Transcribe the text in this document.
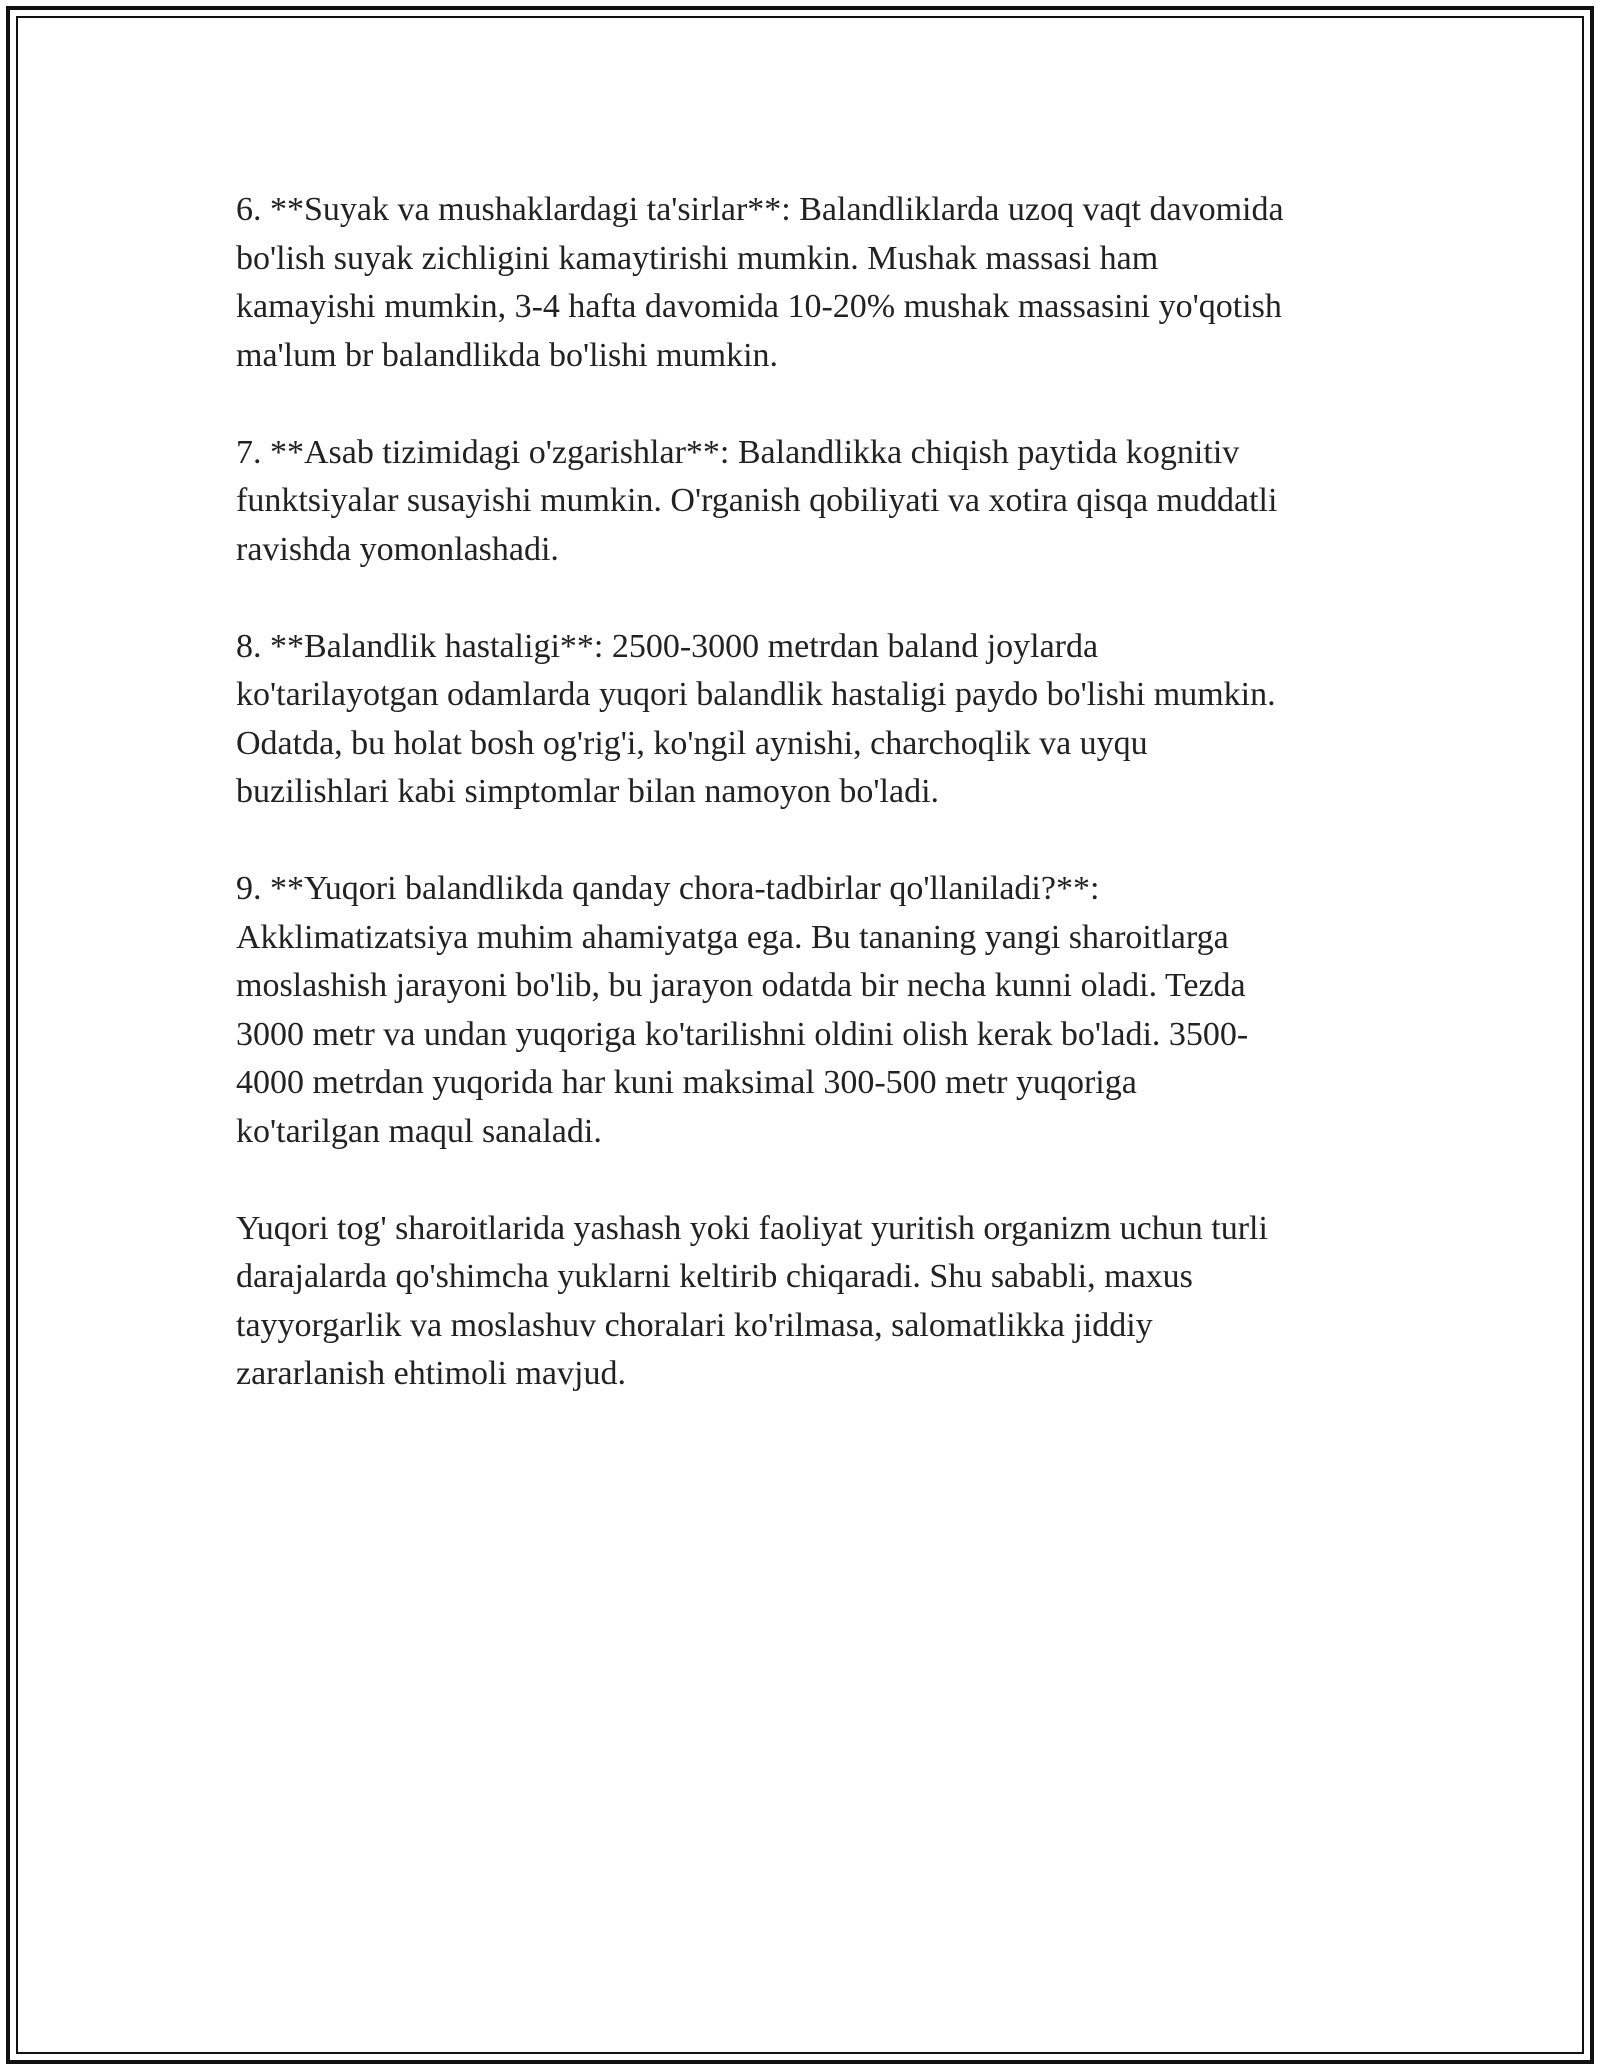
6. **Suyak va mushaklardagi ta'sirlar**: Balandliklarda uzoq vaqt davomida
bo'lish suyak zichligini kamaytirishi mumkin. Mushak massasi ham
kamayishi mumkin, 3-4 hafta davomida 10-20% mushak massasini yo'qotish
ma'lum br balandlikda bo'lishi mumkin.

7. **Asab tizimidagi o'zgarishlar**: Balandlikka chiqish paytida kognitiv
funktsiyalar susayishi mumkin. O'rganish qobiliyati va xotira qisqa muddatli
ravishda yomonlashadi.

8. **Balandlik hastaligi**: 2500-3000 metrdan baland joylarda
ko'tarilayotgan odamlarda yuqori balandlik hastaligi paydo bo'lishi mumkin.
Odatda, bu holat bosh og'rig'i, ko'ngil aynishi, charchoqlik va uyqu
buzilishlari kabi simptomlar bilan namoyon bo'ladi.

9. **Yuqori balandlikda qanday chora-tadbirlar qo'llaniladi?**:
Akklimatizatsiya muhim ahamiyatga ega. Bu tananing yangi sharoitlarga
moslashish jarayoni bo'lib, bu jarayon odatda bir necha kunni oladi. Tezda
3000 metr va undan yuqoriga ko'tarilishni oldini olish kerak bo'ladi. 3500-
4000 metrdan yuqorida har kuni maksimal 300-500 metr yuqoriga
ko'tarilgan maqul sanaladi.

Yuqori tog' sharoitlarida yashash yoki faoliyat yuritish organizm uchun turli
darajalarda qo'shimcha yuklarni keltirib chiqaradi. Shu sababli, maxus
tayyorgarlik va moslashuv choralari ko'rilmasa, salomatlikka jiddiy
zararlanish ehtimoli mavjud.
